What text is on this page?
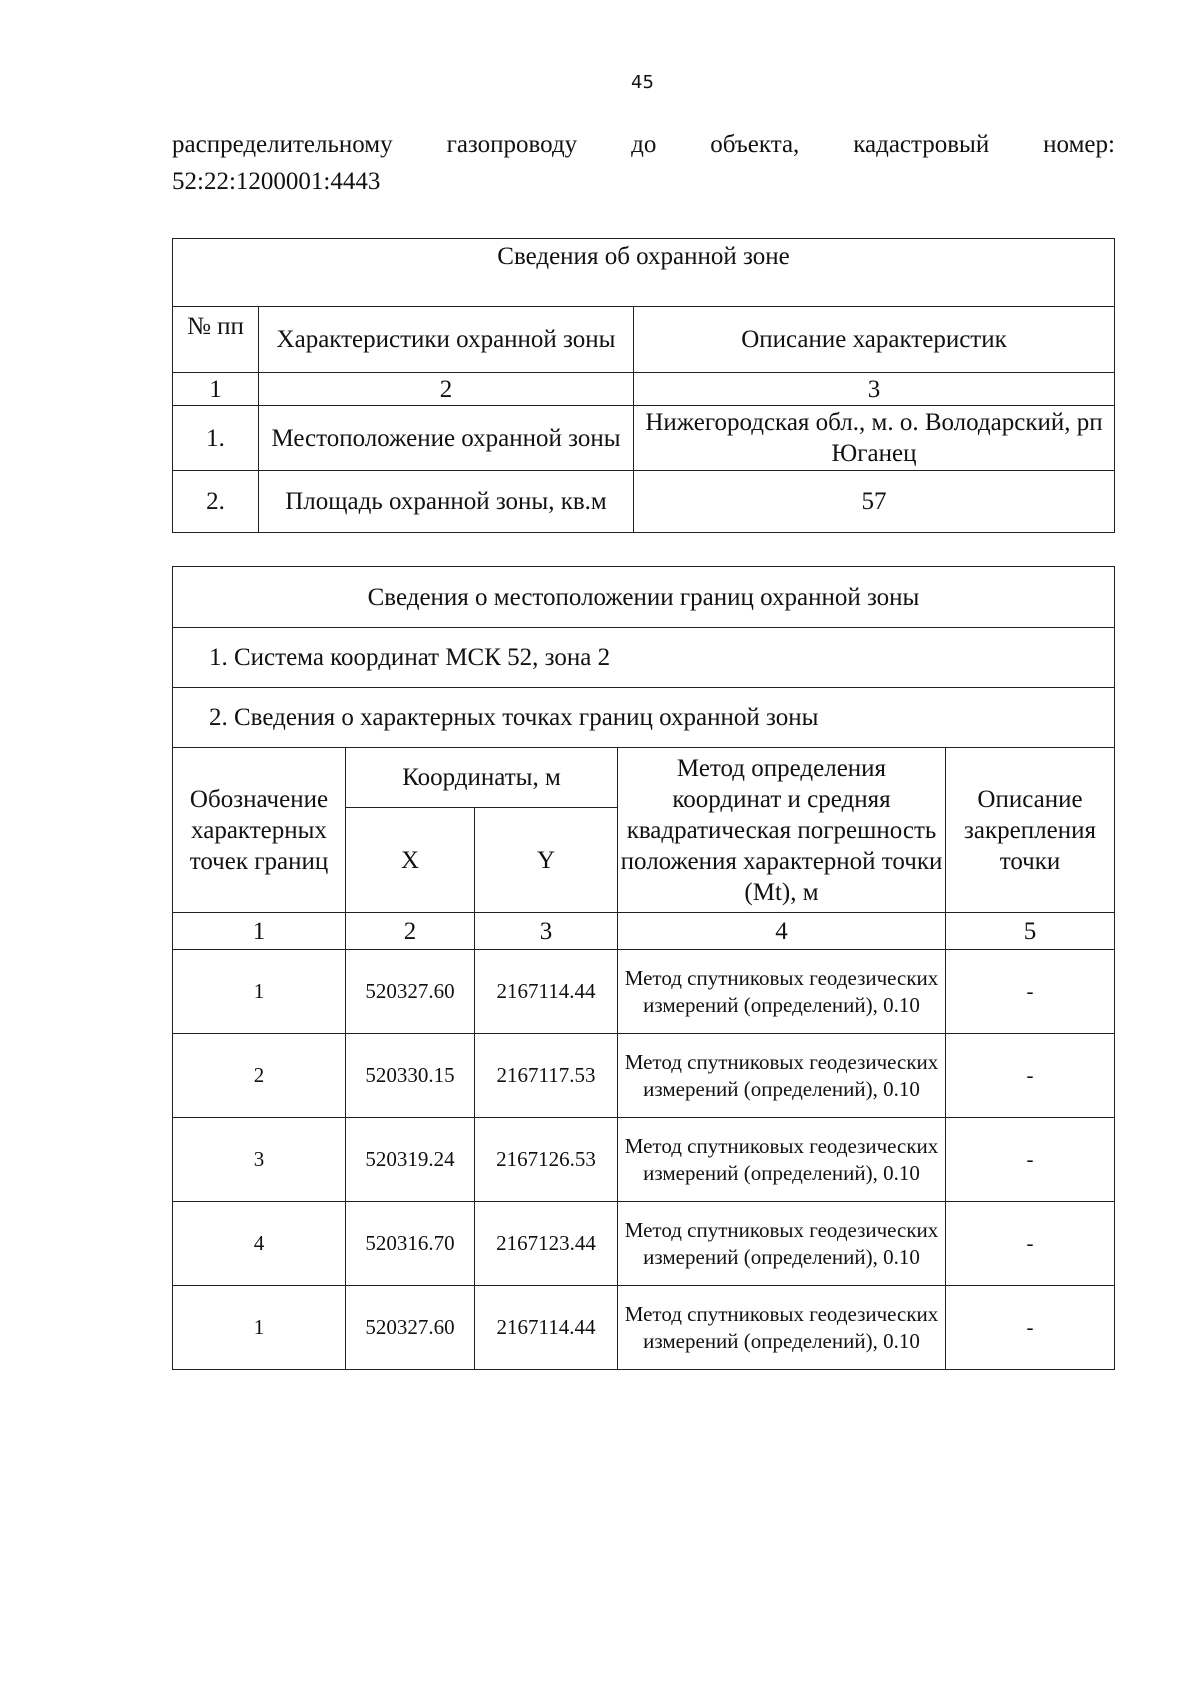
45
распределительному газопроводу до объекта, кадастровый номер:
52:22:1200001:4443
Сведения об охранной зоне		
№ пп	Характеристики охранной зоны	Описание характеристик
1	2	3
1.	Местоположение охранной зоны	Нижегородская обл., м. о. Володарский, рп Юганец
2.	Площадь охранной зоны, кв.м	57
Сведения о местоположении границ охранной зоны				
1. Система координат МСК 52, зона 2				
2. Сведения о характерных точках границ охранной зоны				
Обозначение характерных точек границ	Координаты, м		Метод определения координат и средняя квадратическая погрешность положения характерной точки (Mt), м	Описание закрепления точки
	X	Y		
1	2	3	4	5
1	520327.60	2167114.44	Метод спутниковых геодезических измерений (определений), 0.10	-
2	520330.15	2167117.53	Метод спутниковых геодезических измерений (определений), 0.10	-
3	520319.24	2167126.53	Метод спутниковых геодезических измерений (определений), 0.10	-
4	520316.70	2167123.44	Метод спутниковых геодезических измерений (определений), 0.10	-
1	520327.60	2167114.44	Метод спутниковых геодезических измерений (определений), 0.10	-
